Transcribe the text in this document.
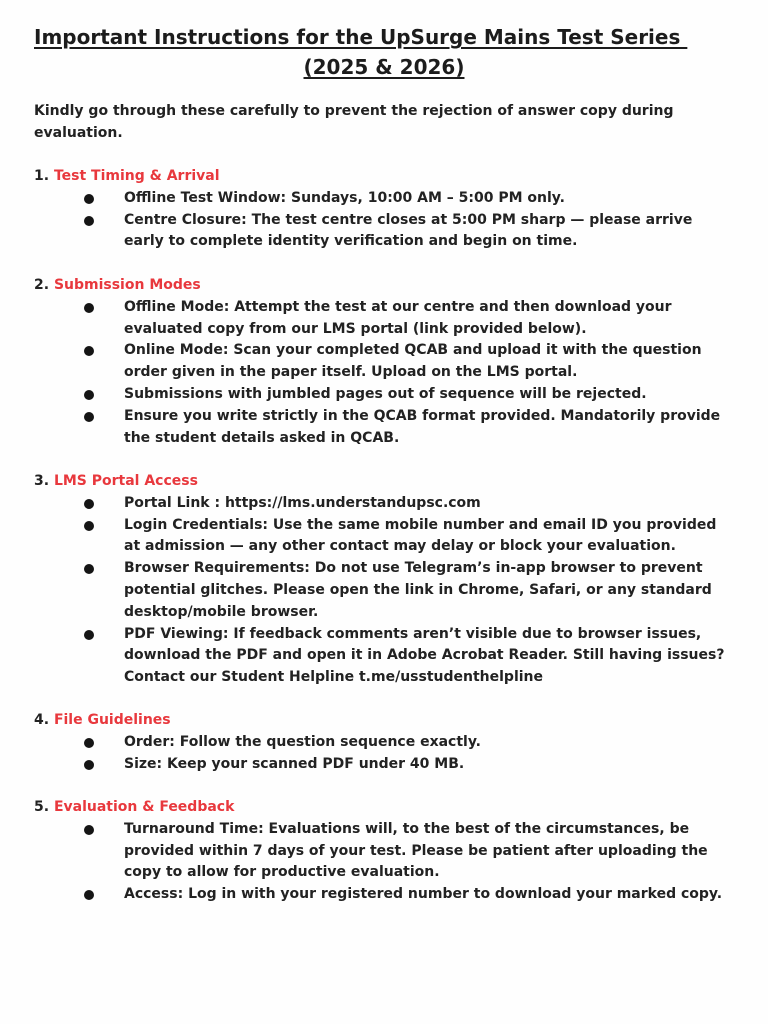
Important Instructions for the UpSurge Mains Test Series
(2025 & 2026)

Kindly go through these carefully to prevent the rejection of answer copy during evaluation.

1. Test Timing & Arrival

Offline Test Window: Sundays, 10:00 AM – 5:00 PM only.
Centre Closure: The test centre closes at 5:00 PM sharp — please arrive early to complete identity verification and begin on time.

2. Submission Modes

Offline Mode: Attempt the test at our centre and then download your evaluated copy from our LMS portal (link provided below).
Online Mode: Scan your completed QCAB and upload it with the question order given in the paper itself. Upload on the LMS portal.
Submissions with jumbled pages out of sequence will be rejected.
Ensure you write strictly in the QCAB format provided. Mandatorily provide the student details asked in QCAB.

3. LMS Portal Access

Portal Link : https://lms.understandupsc.com
Login Credentials: Use the same mobile number and email ID you provided at admission — any other contact may delay or block your evaluation.
Browser Requirements: Do not use Telegram’s in-app browser to prevent potential glitches. Please open the link in Chrome, Safari, or any standard desktop/mobile browser.
PDF Viewing: If feedback comments aren’t visible due to browser issues, download the PDF and open it in Adobe Acrobat Reader. Still having issues? Contact our Student Helpline t.me/usstudenthelpline

4. File Guidelines

Order: Follow the question sequence exactly.
Size: Keep your scanned PDF under 40 MB.

5. Evaluation & Feedback

Turnaround Time: Evaluations will, to the best of the circumstances, be provided within 7 days of your test. Please be patient after uploading the copy to allow for productive evaluation.
Access: Log in with your registered number to download your marked copy.
